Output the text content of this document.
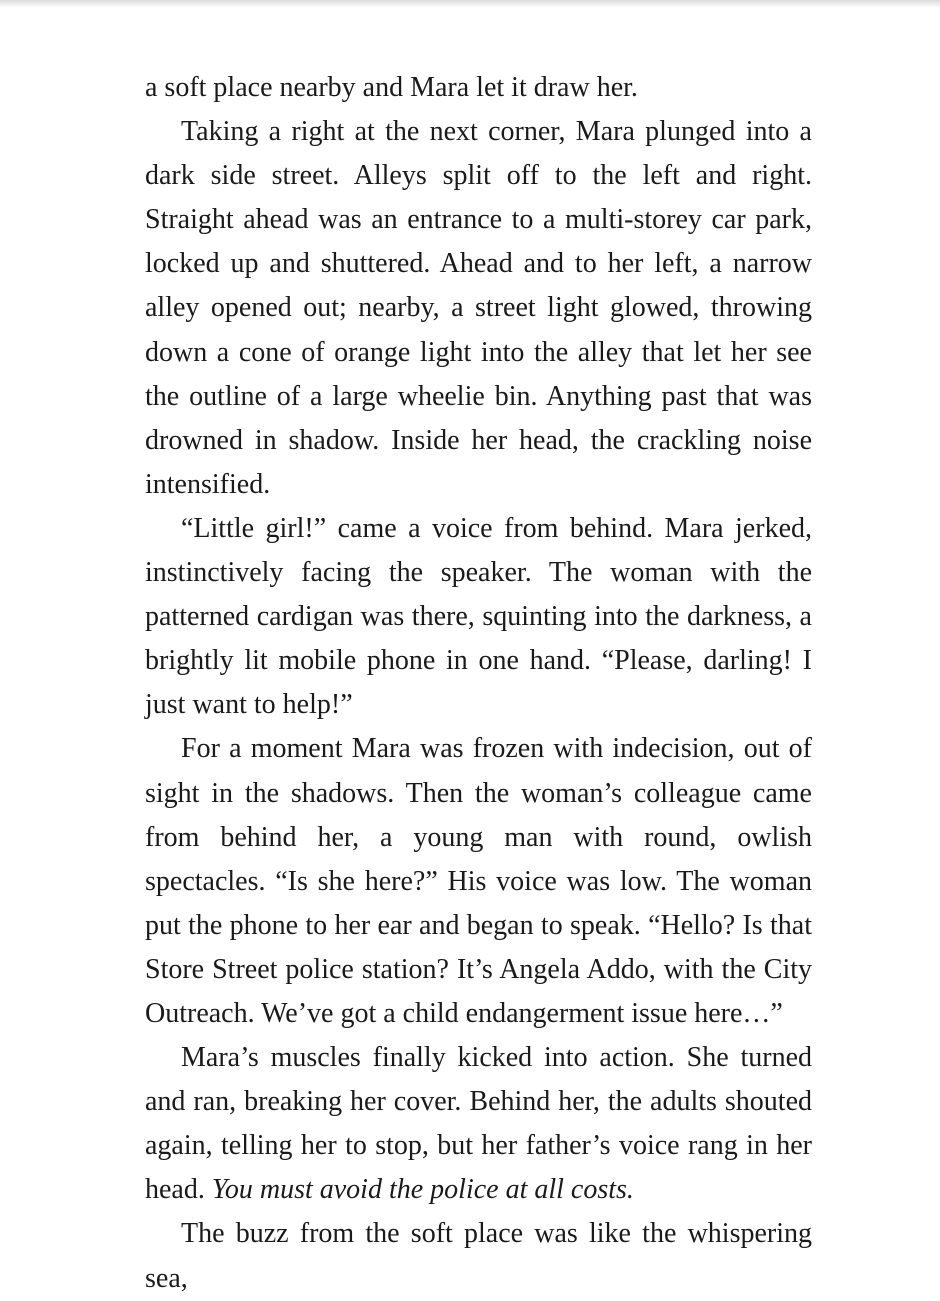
a soft place nearby and Mara let it draw her.

Taking a right at the next corner, Mara plunged into a dark side street. Alleys split off to the left and right. Straight ahead was an entrance to a multi-storey car park, locked up and shuttered. Ahead and to her left, a narrow alley opened out; nearby, a street light glowed, throwing down a cone of orange light into the alley that let her see the outline of a large wheelie bin. Anything past that was drowned in shadow. Inside her head, the crackling noise intensified.

“Little girl!” came a voice from behind. Mara jerked, instinctively facing the speaker. The woman with the patterned cardigan was there, squinting into the darkness, a brightly lit mobile phone in one hand. “Please, darling! I just want to help!”

For a moment Mara was frozen with indecision, out of sight in the shadows. Then the woman’s colleague came from behind her, a young man with round, owlish spectacles. “Is she here?” His voice was low. The woman put the phone to her ear and began to speak. “Hello? Is that Store Street police station? It’s Angela Addo, with the City Outreach. We’ve got a child endangerment issue here…”

Mara’s muscles finally kicked into action. She turned and ran, breaking her cover. Behind her, the adults shouted again, telling her to stop, but her father’s voice rang in her head. You must avoid the police at all costs.

The buzz from the soft place was like the whispering sea,
